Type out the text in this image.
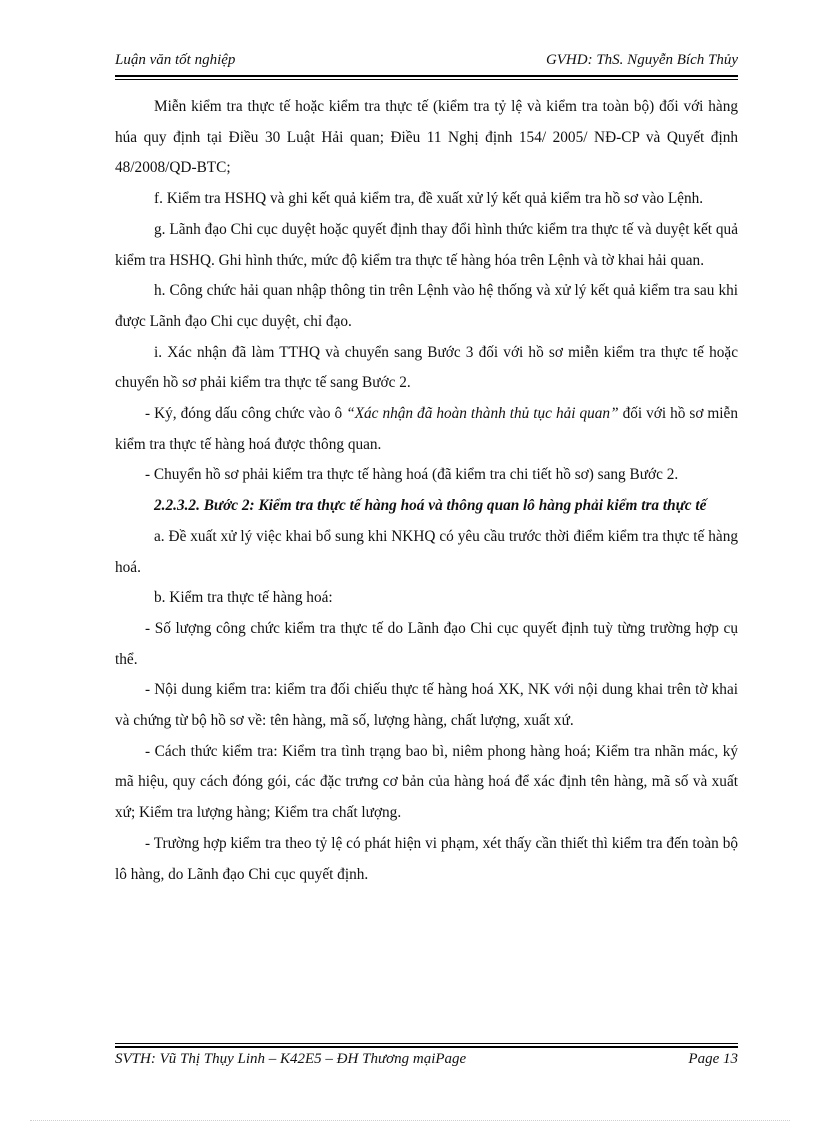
Luận văn tốt nghiệp	GVHD: ThS. Nguyễn Bích Thủy

Miễn kiểm tra thực tế hoặc kiểm tra thực tế (kiểm tra tỷ lệ và kiểm tra toàn bộ) đối với hàng húa quy định tại Điều 30 Luật Hải quan; Điều 11 Nghị định 154/ 2005/ NĐ-CP và Quyết định 48/2008/QD-BTC;

f. Kiểm tra HSHQ và ghi kết quả kiểm tra, đề xuất xử lý kết quả kiểm tra hồ sơ vào Lệnh.

g. Lãnh đạo Chi cục duyệt hoặc quyết định thay đổi hình thức kiểm tra thực tế và duyệt kết quả kiểm tra HSHQ. Ghi hình thức, mức độ kiểm tra thực tế hàng hóa trên Lệnh và tờ khai hải quan.

h. Công chức hải quan nhập thông tin trên Lệnh vào hệ thống và xử lý kết quả kiểm tra sau khi được Lãnh đạo Chi cục duyệt, chỉ đạo.

i. Xác nhận đã làm TTHQ và chuyển sang Bước 3 đối với hồ sơ miễn kiểm tra thực tế hoặc chuyển hồ sơ phải kiểm tra thực tế sang Bước 2.

- Ký, đóng dấu công chức vào ô “Xác nhận đã hoàn thành thủ tục hải quan” đối với hồ sơ miễn kiểm tra thực tế hàng hoá được thông quan.

- Chuyển hồ sơ phải kiểm tra thực tế hàng hoá (đã kiểm tra chi tiết hồ sơ) sang Bước 2.

2.2.3.2. Bước 2: Kiểm tra thực tế hàng hoá và thông quan lô hàng phải kiểm tra thực tế

a. Đề xuất xử lý việc khai bổ sung khi NKHQ có yêu cầu trước thời điểm kiểm tra thực tế hàng hoá.

b. Kiểm tra thực tế hàng hoá:

- Số lượng công chức kiểm tra thực tế do Lãnh đạo Chi cục quyết định tuỳ từng trường hợp cụ thể.

- Nội dung kiểm tra: kiểm tra đối chiếu thực tế hàng hoá XK, NK với nội dung khai trên tờ khai và chứng từ bộ hồ sơ về: tên hàng, mã số, lượng hàng, chất lượng, xuất xứ.

- Cách thức kiểm tra: Kiểm tra tình trạng bao bì, niêm phong hàng hoá; Kiểm tra nhãn mác, ký mã hiệu, quy cách đóng gói, các đặc trưng cơ bản của hàng hoá để xác định tên hàng, mã số và xuất xứ; Kiểm tra lượng hàng; Kiểm tra chất lượng.

- Trường hợp kiểm tra theo tỷ lệ có phát hiện vi phạm, xét thấy cần thiết thì kiểm tra đến toàn bộ lô hàng, do Lãnh đạo Chi cục quyết định.

SVTH: Vũ Thị Thụy Linh – K42E5 – ĐH Thương mạiPage	Page 13
